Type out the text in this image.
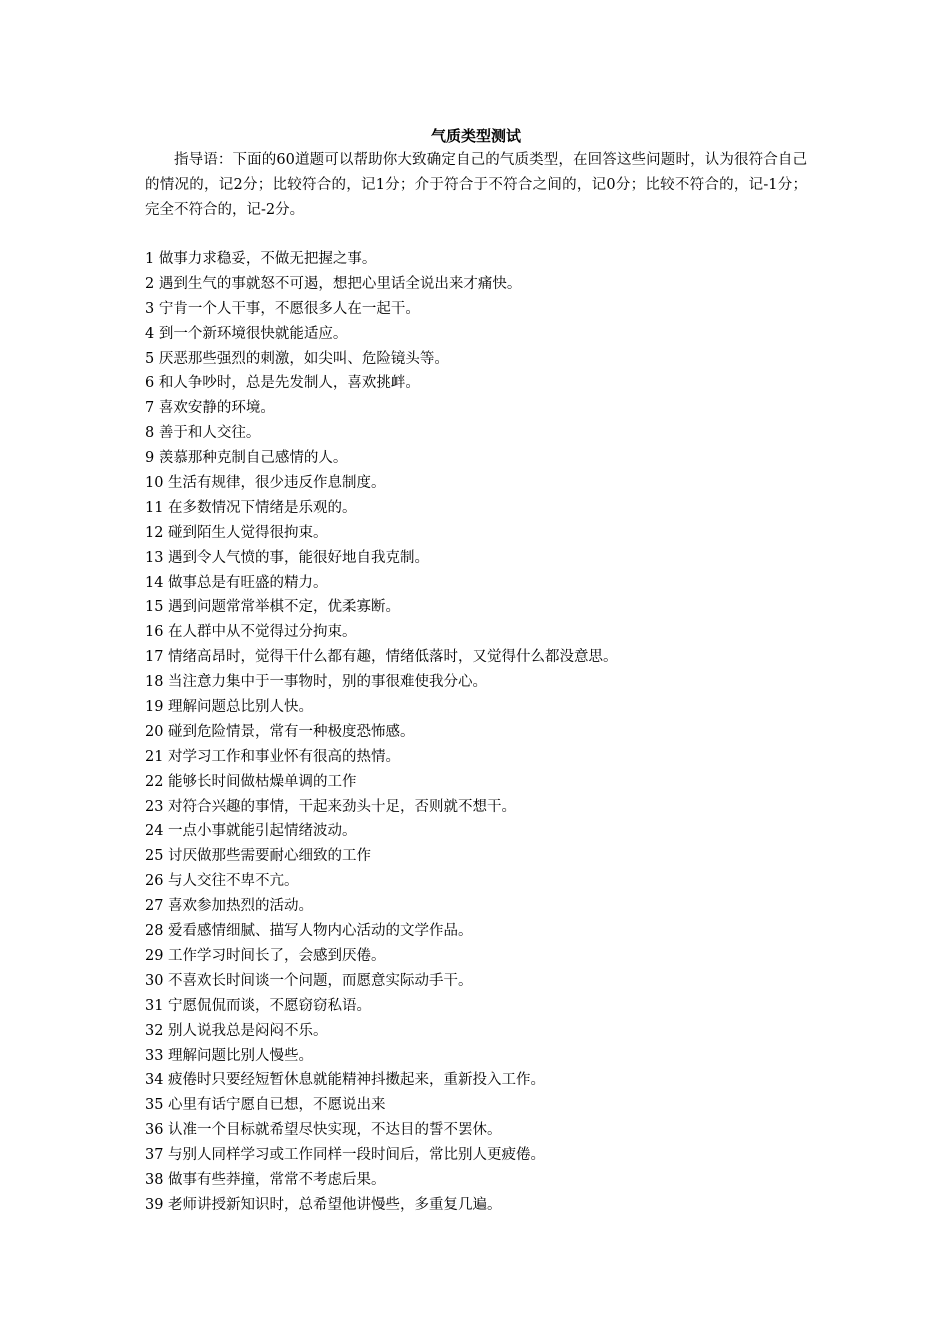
气质类型测试

指导语：下面的60道题可以帮助你大致确定自己的气质类型，在回答这些问题时，认为很符合自己的情况的，记2分；比较符合的，记1分；介于符合于不符合之间的，记0分；比较不符合的，记-1分；完全不符合的，记-2分。

1 做事力求稳妥，不做无把握之事。
2 遇到生气的事就怒不可遏，想把心里话全说出来才痛快。
3 宁肯一个人干事，不愿很多人在一起干。
4 到一个新环境很快就能适应。
5 厌恶那些强烈的刺激，如尖叫、危险镜头等。
6 和人争吵时，总是先发制人，喜欢挑衅。
7 喜欢安静的环境。
8 善于和人交往。
9 羡慕那种克制自己感情的人。
10 生活有规律，很少违反作息制度。
11 在多数情况下情绪是乐观的。
12 碰到陌生人觉得很拘束。
13 遇到令人气愤的事，能很好地自我克制。
14 做事总是有旺盛的精力。
15 遇到问题常常举棋不定，优柔寡断。
16 在人群中从不觉得过分拘束。
17 情绪高昂时，觉得干什么都有趣，情绪低落时，又觉得什么都没意思。
18 当注意力集中于一事物时，别的事很难使我分心。
19 理解问题总比别人快。
20 碰到危险情景，常有一种极度恐怖感。
21 对学习工作和事业怀有很高的热情。
22 能够长时间做枯燥单调的工作
23 对符合兴趣的事情，干起来劲头十足，否则就不想干。
24 一点小事就能引起情绪波动。
25 讨厌做那些需要耐心细致的工作
26 与人交往不卑不亢。
27 喜欢参加热烈的活动。
28 爱看感情细腻、描写人物内心活动的文学作品。
29 工作学习时间长了，会感到厌倦。
30 不喜欢长时间谈一个问题，而愿意实际动手干。
31 宁愿侃侃而谈，不愿窃窃私语。
32 别人说我总是闷闷不乐。
33 理解问题比别人慢些。
34 疲倦时只要经短暂休息就能精神抖擞起来，重新投入工作。
35 心里有话宁愿自已想，不愿说出来
36 认准一个目标就希望尽快实现，不达目的誓不罢休。
37 与别人同样学习或工作同样一段时间后，常比别人更疲倦。
38 做事有些莽撞，常常不考虑后果。
39 老师讲授新知识时，总希望他讲慢些，多重复几遍。
